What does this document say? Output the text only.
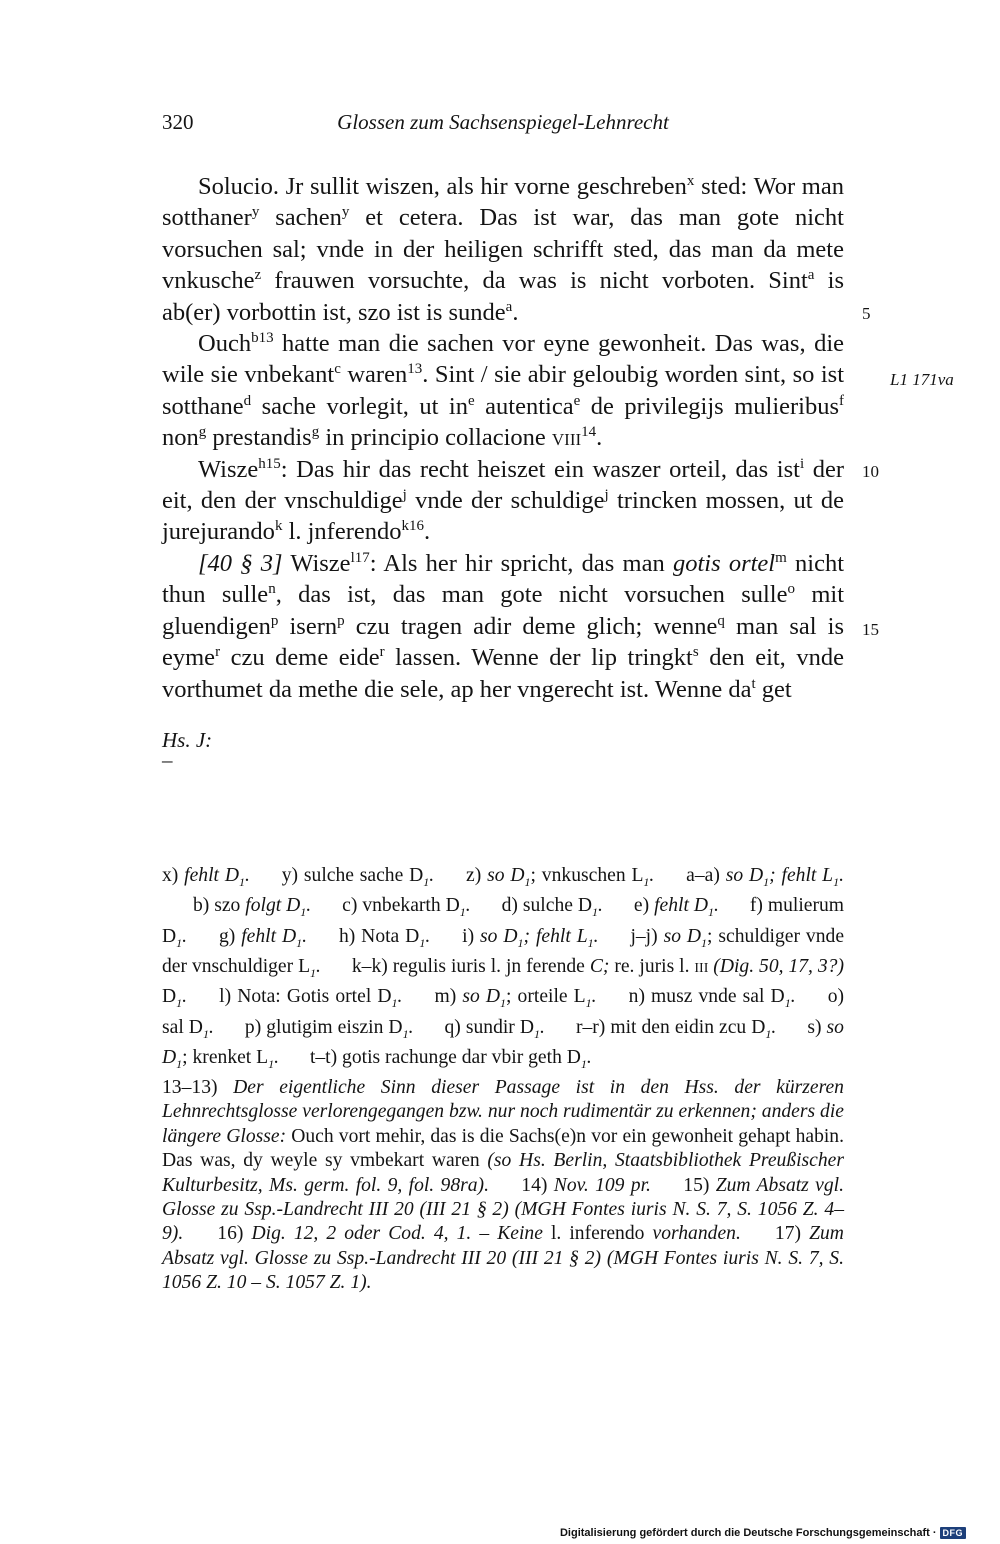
320	Glossen zum Sachsenspiegel-Lehnrecht

Solucio. Jr sullit wiszen, als hir vorne geschreben$^x$ sted: Wor man sotthaner$^y$ sachen$^y$ et cetera. Das ist war, das man gote nicht vorsuchen sal; vnde in der heiligen schrifft sted, das man da mete vnkusche$^z$ frauwen vorsuchte, da was is nicht vorboten. Sint$^a$ is ab(er) vorbottin ist, szo ist is sunde$^a$.

Ouch$^{b13}$ hatte man die sachen vor eyne gewonheit. Das was, die wile sie vnbekant$^c$ waren$^{13}$. Sint / sie abir geloubig worden sint, so ist sotthane$^d$ sache vorlegit, ut $in^e$ autentica$^e$ de privilegijs mulieribus$^f$ non$^g$ prestandis$^g$ in principio collacione viii$^{14}$.

Wisze$^{h15}$: Das hir das recht heiszet ein waszer orteil, das ist$^i$ der eit, den der vnschuldige$^j$ vnde der schuldige$^j$ trincken mossen, ut de jurejurando$^k$ l. jnferendo$^{k16}$.

[40 § 3] Wisze$^{l17}$: Als her hir spricht, das man gotis ortel$^m$ nicht thun sulle$^n$, das ist, das man gote nicht vorsuchen sulle$^o$ mit gluendigen$^p$ isern$^p$ czu tragen adir deme glich; wenne$^q$ man sal is eyme$^r$ czu deme eide$^r$ lassen. Wenne der lip tringkt$^s$ den eit, vnde vorthumet da methe die sele, ap her vngerecht ist. Wenne $da^t$ get

5
L1 171va
10
15
Hs. J:
–
x) fehlt $D_1$. y) sulche sache $D_1$. z) so $D_1$; vnkuschen $L_1$. a–a) so $D_1$; fehlt $L_1$. b) szo folgt $D_1$. c) vnbekarth $D_1$. d) sulche $D_1$. e) fehlt $D_1$. f) mulierum $D_1$. g) fehlt $D_1$. h) Nota $D_1$. i) so $D_1$; fehlt $L_1$. j–j) so $D_1$; schuldiger vnde der vnschuldiger $L_1$. k–k) regulis iuris l. jn ferende C; re. juris l. iii (Dig. 50, 17, 3?) $D_1$. l) Nota: Gotis ortel $D_1$. m) so $D_1$; orteile $L_1$. n) musz vnde sal $D_1$. o) sal $D_1$. p) glutigim eiszin $D_1$. q) sundir $D_1$. r–r) mit den eidin zcu $D_1$. s) so $D_1$; krenket $L_1$. t–t) gotis rachunge dar vbir geth $D_1$.
13–13) Der eigentliche Sinn dieser Passage ist in den Hss. der kürzeren Lehnrechtsglosse verlorengegangen bzw. nur noch rudimentär zu erkennen; anders die längere Glosse: Ouch vort mehir, das is die Sachs(e)n vor ein gewonheit gehapt habin. Das was, dy weyle sy vmbekart waren (so Hs. Berlin, Staatsbibliothek Preußischer Kulturbesitz, Ms. germ. fol. 9, fol. 98ra). 14) Nov. 109 pr. 15) Zum Absatz vgl. Glosse zu Ssp.-Landrecht III 20 (III 21 § 2) (MGH Fontes iuris N. S. 7, S. 1056 Z. 4–9). 16) Dig. 12, 2 oder Cod. 4, 1. – Keine l. inferendo vorhanden. 17) Zum Absatz vgl. Glosse zu Ssp.-Landrecht III 20 (III 21 § 2) (MGH Fontes iuris N. S. 7, S. 1056 Z. 10 – S. 1057 Z. 1).
Digitalisierung gefördert durch die Deutsche Forschungsgemeinschaft · DFG
